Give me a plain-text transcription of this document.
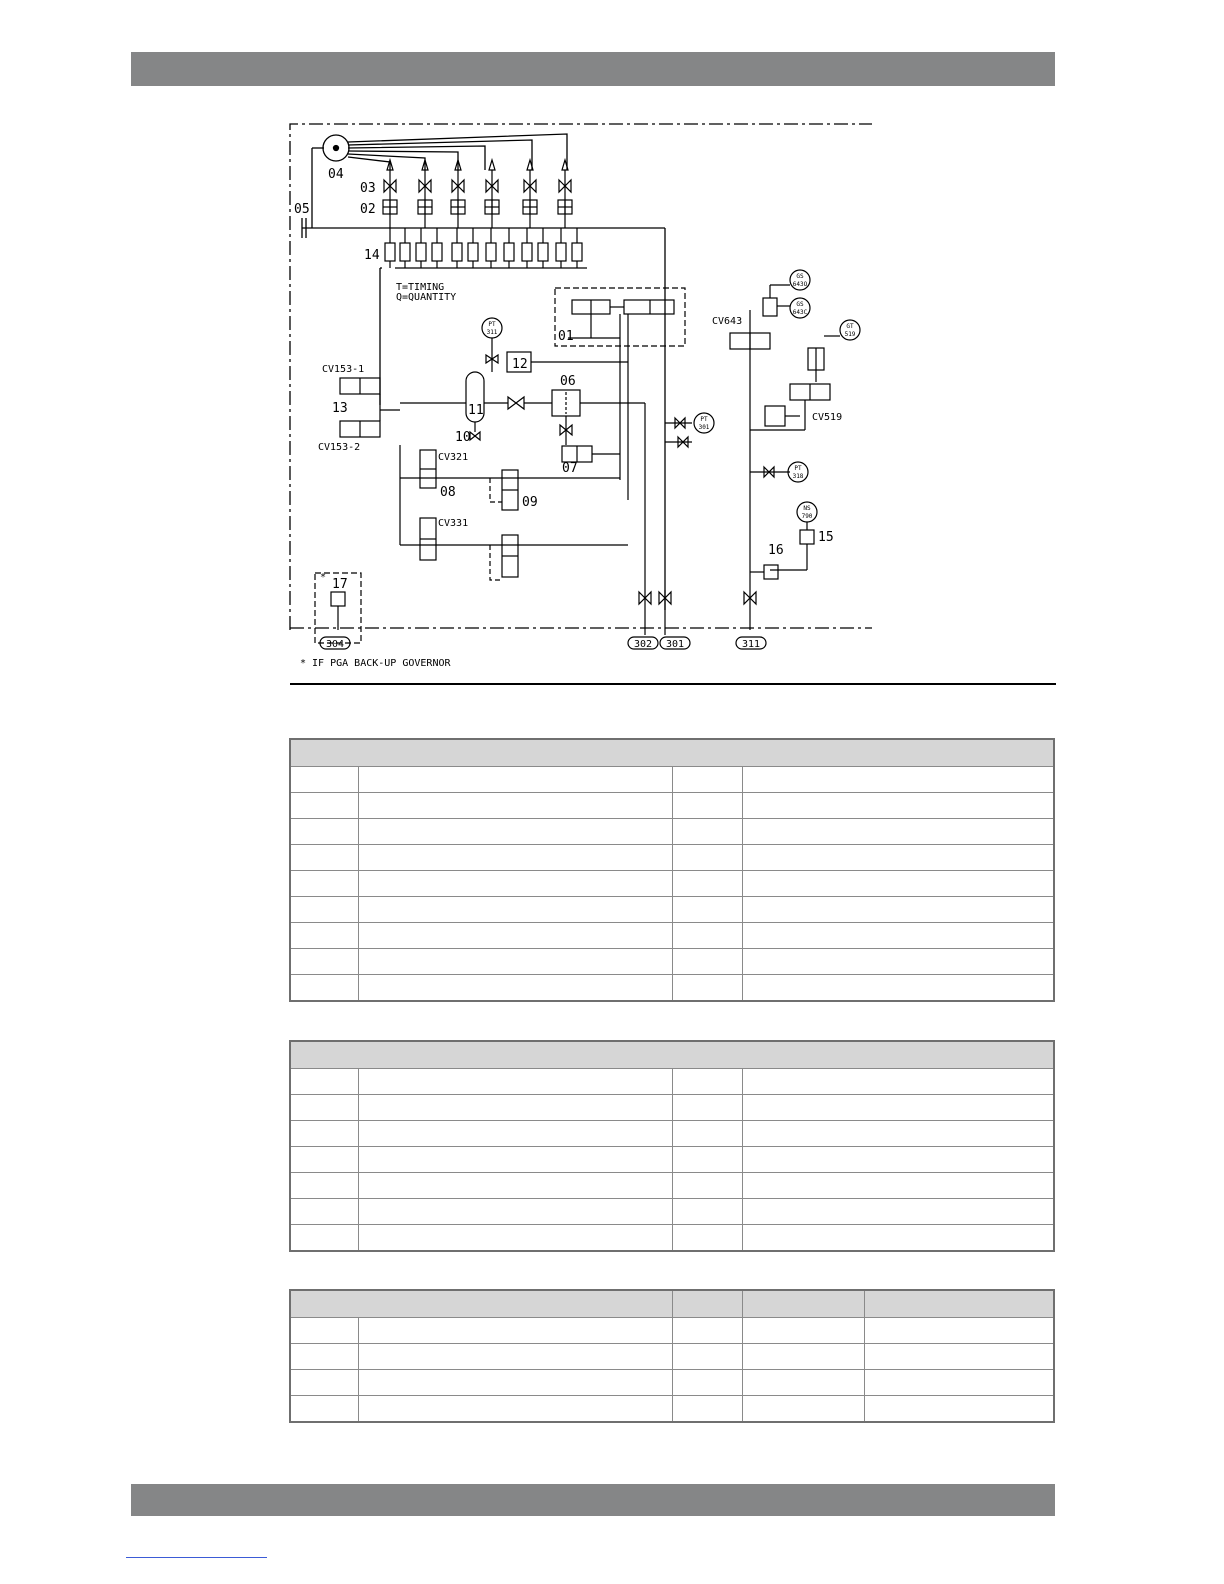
04
03
02
05
14
01
12
11
10
06
07
13
08
09
15
16
17
*
T=TIMING
Q=QUANTITY
CV153-1
CV153-2
CV321
CV331
CV643
CV519
* IF PGA BACK-UP GOVERNOR
PT
311
PT
301
PT
318
GS
643O
GS
643C
GT
519
NS
790
302 301	311
304
